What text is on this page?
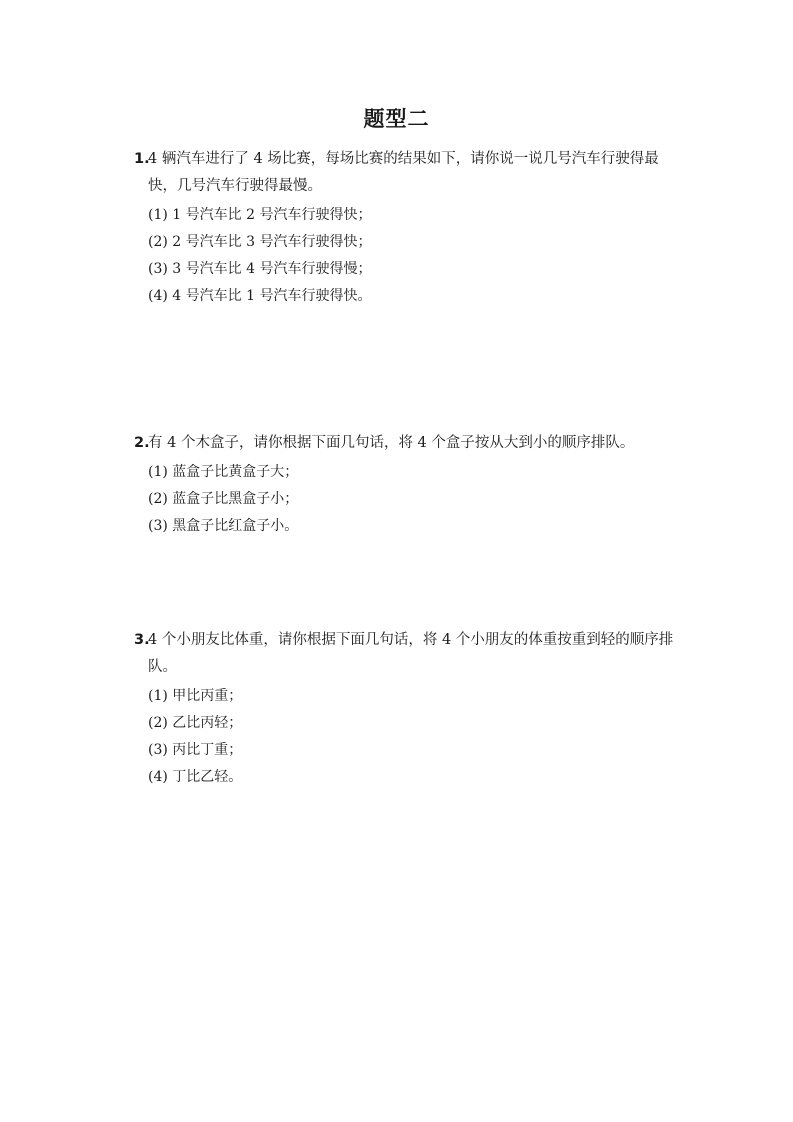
题型二
1.
4 辆汽车进行了 4 场比赛，每场比赛的结果如下，请你说一说几号汽车行驶得最快，几号汽车行驶得最慢。
(1) 1 号汽车比 2 号汽车行驶得快；
(2) 2 号汽车比 3 号汽车行驶得快；
(3) 3 号汽车比 4 号汽车行驶得慢；
(4) 4 号汽车比 1 号汽车行驶得快。
2.
有 4 个木盒子，请你根据下面几句话，将 4 个盒子按从大到小的顺序排队。
(1) 蓝盒子比黄盒子大；
(2) 蓝盒子比黑盒子小；
(3) 黑盒子比红盒子小。
3.
4 个小朋友比体重，请你根据下面几句话，将 4 个小朋友的体重按重到轻的顺序排队。
(1) 甲比丙重；
(2) 乙比丙轻；
(3) 丙比丁重；
(4) 丁比乙轻。
